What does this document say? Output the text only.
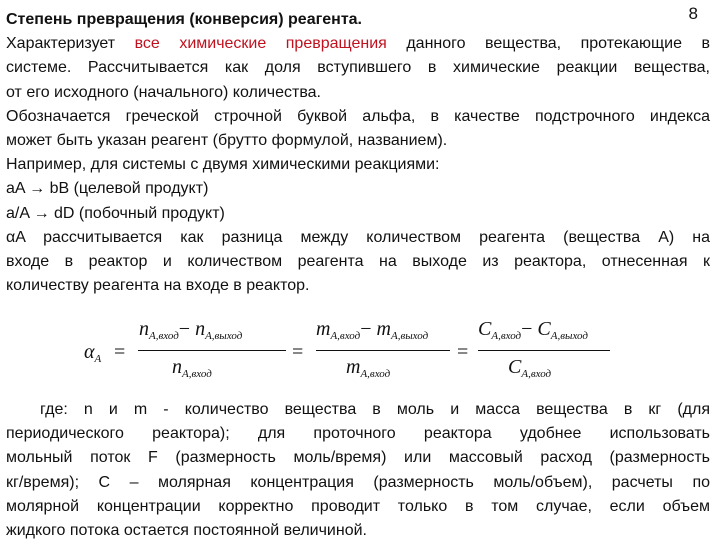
8
Степень превращения (конверсия) реагента.
Характеризует все химические превращения данного вещества, протекающие в
системе. Рассчитывается как доля вступившего в химические реакции вещества,
от его исходного (начального) количества.
Обозначается греческой строчной буквой альфа, в качестве подстрочного индекса
может быть указан реагент (брутто формулой, названием).
Например, для системы с двумя химическими реакциями:
aA → bB (целевой продукт)
a/A → dD (побочный продукт)
αA рассчитывается как разница между количеством реагента (вещества А) на
входе в реактор и количеством реагента на выходе из реактора, отнесенная к
количеству реагента на входе в реактор.
$\alpha_A$ =
$n_{A,вход}- n_{A,выход}$
$n_{A,вход}$
=
$m_{A,вход}- m_{A,выход}$
$m_{A,вход}$
=
$C_{A,вход}- C_{A,выход}$
$C_{A,вход}$

где: n и m - количество вещества в моль и масса вещества в кг (для

периодического реактора); для проточного реактора удобнее использовать

мольный поток F (размерность моль/время) или массовый расход (размерность

кг/время); С – молярная концентрация (размерность моль/объем), расчеты по

молярной концентрации корректно проводит только в том случае, если объем

жидкого потока остается постоянной величиной.
